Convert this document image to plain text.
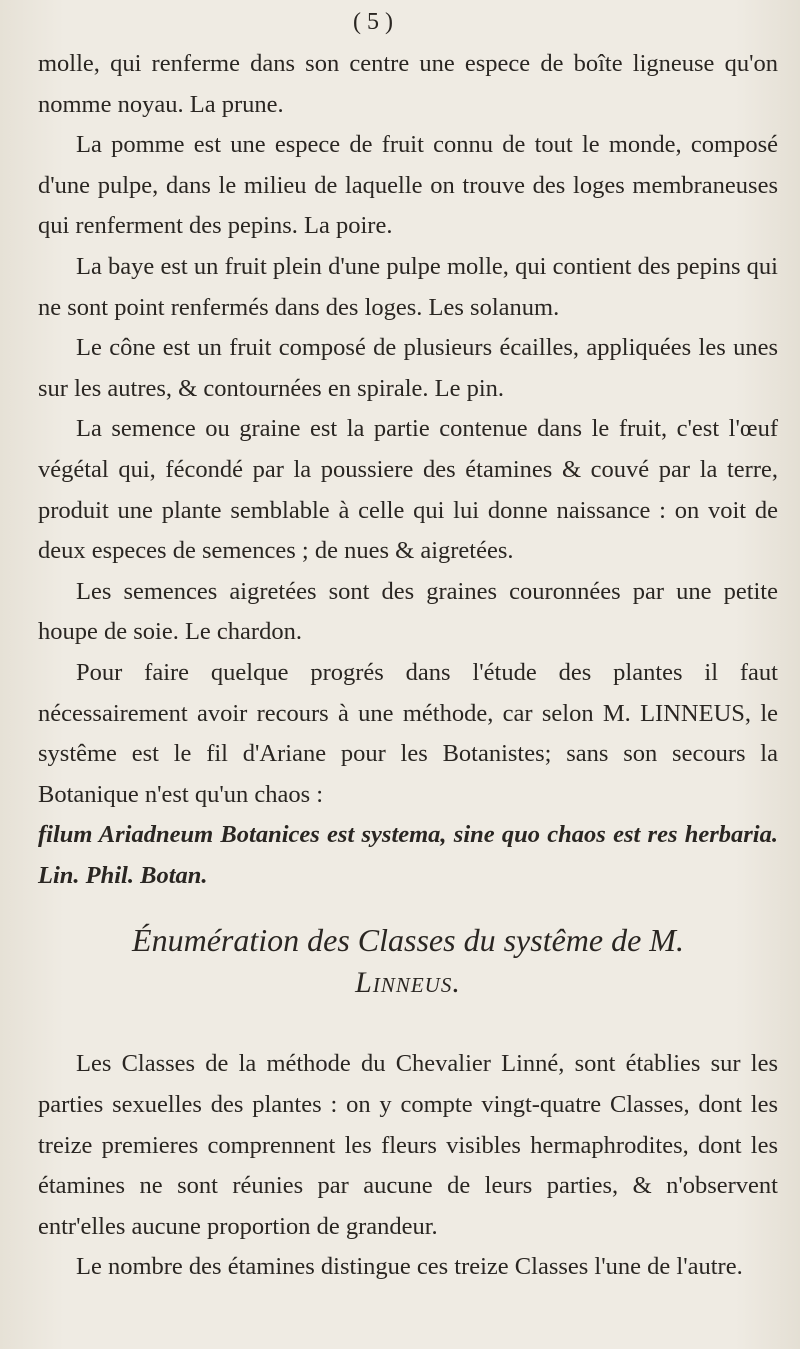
( 5 )

molle, qui renferme dans son centre une espece de boîte ligneuse qu'on nomme noyau. La prune.

La pomme est une espece de fruit connu de tout le monde, composé d'une pulpe, dans le milieu de laquelle on trouve des loges membraneuses qui renferment des pepins. La poire.

La baye est un fruit plein d'une pulpe molle, qui contient des pepins qui ne sont point renfermés dans des loges. Les solanum.

Le cône est un fruit composé de plusieurs écailles, appliquées les unes sur les autres, & contournées en spirale. Le pin.

La semence ou graine est la partie contenue dans le fruit, c'est l'œuf végétal qui, fécondé par la poussiere des étamines & couvé par la terre, produit une plante semblable à celle qui lui donne naissance : on voit de deux especes de semences ; de nues & aigretées.

Les semences aigretées sont des graines couronnées par une petite houpe de soie. Le chardon.

Pour faire quelque progrés dans l'étude des plantes il faut nécessairement avoir recours à une méthode, car selon M. LINNEUS, le systême est le fil d'Ariane pour les Botanistes; sans son secours la Botanique n'est qu'un chaos :

filum Ariadneum Botanices est systema, sine quo chaos est res herbaria. Lin. Phil. Botan.

Énumération des Classes du systême de M.
Linneus.

Les Classes de la méthode du Chevalier Linné, sont établies sur les parties sexuelles des plantes : on y compte vingt-quatre Classes, dont les treize premieres comprennent les fleurs visibles hermaphrodites, dont les étamines ne sont réunies par aucune de leurs parties, & n'observent entr'elles aucune proportion de grandeur.

Le nombre des étamines distingue ces treize Classes l'une de l'autre.
